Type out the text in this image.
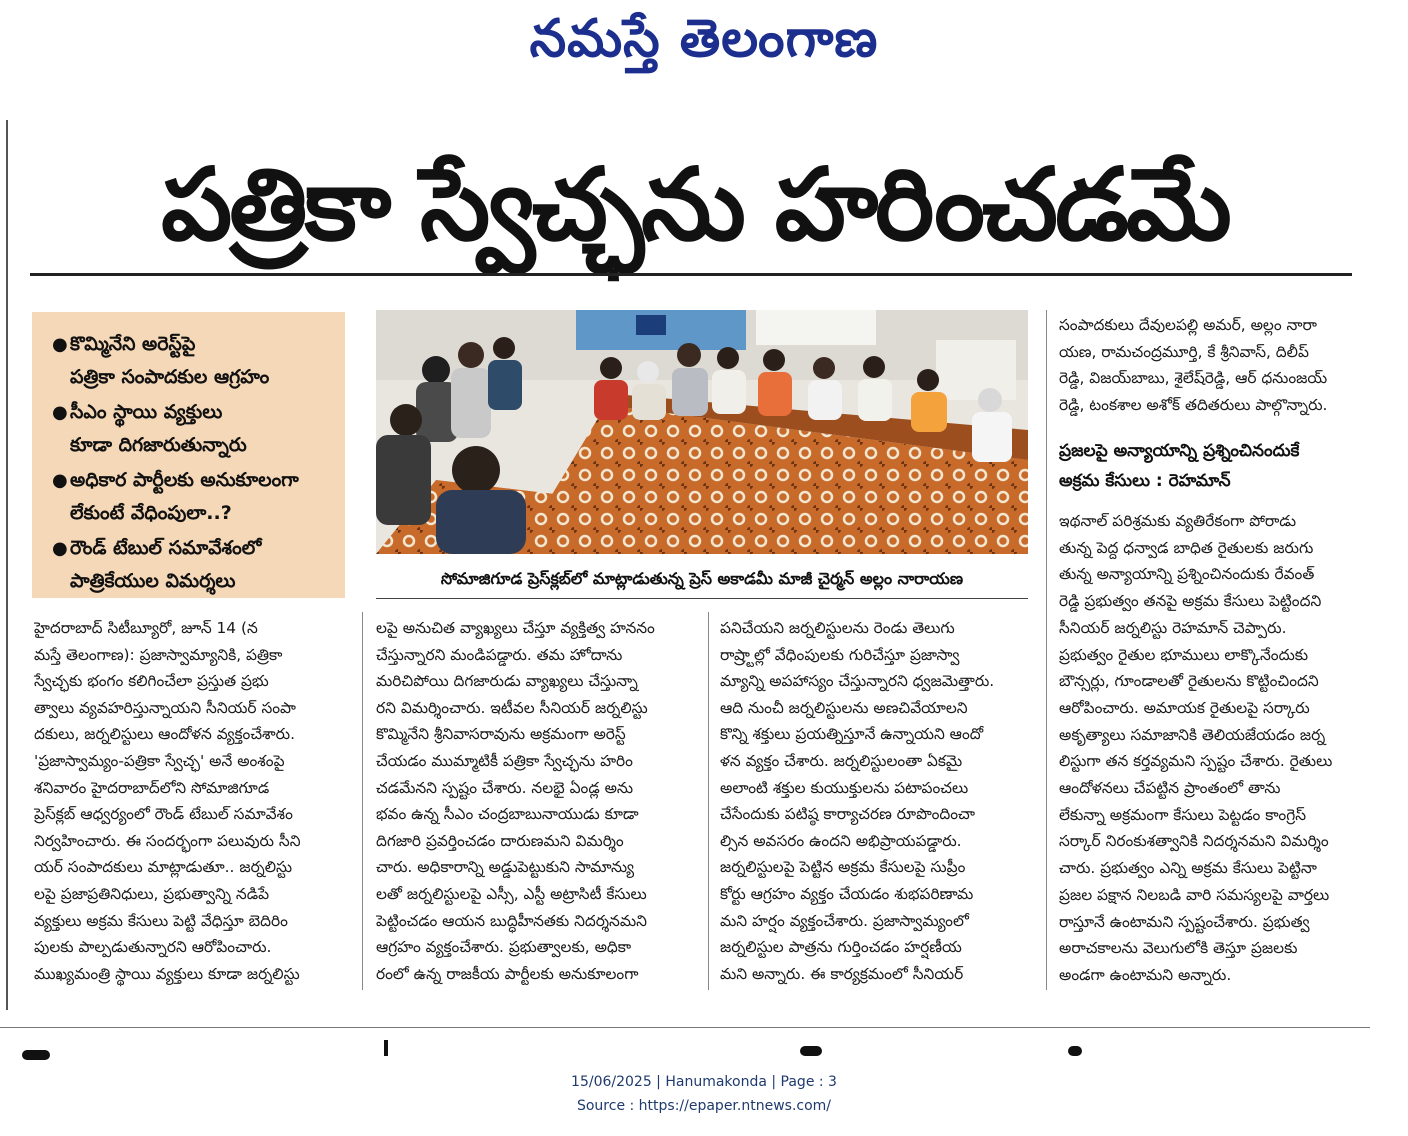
నమస్తే తెలంగాణ
పత్రికా స్వేచ్ఛను హరించడమే
● కొమ్మినేని అరెస్ట్‌పై
పత్రికా సంపాదకుల ఆగ్రహం
● సీఎం స్థాయి వ్యక్తులు
కూడా దిగజారుతున్నారు
● అధికార పార్టీలకు అనుకూలంగా
లేకుంటే వేధింపులా..?
● రౌండ్ టేబుల్ సమావేశంలో
పాత్రికేయుల విమర్శలు	సోమాజిగూడ ప్రెస్‌క్లబ్‌లో మాట్లాడుతున్న ప్రెస్ అకాడమీ మాజీ చైర్మన్ అల్లం నారాయణ
సంపాదకులు దేవులపల్లి అమర్, అల్లం నారా
యణ, రామచంద్రమూర్తి, కే శ్రీనివాస్, దిలీప్
రెడ్డి, విజయ్‌బాబు, శైలేష్‌రెడ్డి, ఆర్ ధనుంజయ్
రెడ్డి, టంకశాల అశోక్ తదితరులు పాల్గొన్నారు.
ప్రజలపై అన్యాయాన్ని ప్రశ్నించినందుకే
అక్రమ కేసులు : రెహమాన్
హైదరాబాద్ సిటీబ్యూరో, జూన్ 14 (న
మస్తే తెలంగాణ): ప్రజాస్వామ్యానికి, పత్రికా
స్వేచ్ఛకు భంగం కలిగించేలా ప్రస్తుత ప్రభు
త్వాలు వ్యవహరిస్తున్నాయని సీనియర్ సంపా
దకులు, జర్నలిస్టులు ఆందోళన వ్యక్తంచేశారు.
'ప్రజాస్వామ్యం-పత్రికా స్వేచ్ఛ' అనే అంశంపై
శనివారం హైదరాబాద్‌లోని సోమాజిగూడ
ప్రెస్‌క్లబ్ ఆధ్వర్యంలో రౌండ్ టేబుల్ సమావేశం
నిర్వహించారు. ఈ సందర్భంగా పలువురు సీని
యర్ సంపాదకులు మాట్లాడుతూ.. జర్నలిస్టు
లపై ప్రజాప్రతినిధులు, ప్రభుత్వాన్ని నడిపే
వ్యక్తులు అక్రమ కేసులు పెట్టి వేధిస్తూ బెదిరిం
పులకు పాల్పడుతున్నారని ఆరోపించారు.
ముఖ్యమంత్రి స్థాయి వ్యక్తులు కూడా జర్నలిస్టు
లపై అనుచిత వ్యాఖ్యలు చేస్తూ వ్యక్తిత్వ హననం
చేస్తున్నారని మండిపడ్డారు. తమ హోదాను
మరిచిపోయి దిగజారుడు వ్యాఖ్యలు చేస్తున్నా
రని విమర్శించారు. ఇటీవల సీనియర్ జర్నలిస్టు
కొమ్మినేని శ్రీనివాసరావును అక్రమంగా అరెస్ట్
చేయడం ముమ్మాటికీ పత్రికా స్వేచ్ఛను హరిం
చడమేనని స్పష్టం చేశారు. నలభై ఏండ్ల అను
భవం ఉన్న సీఎం చంద్రబాబునాయుడు కూడా
దిగజారి ప్రవర్తించడం దారుణమని విమర్శిం
చారు. అధికారాన్ని అడ్డుపెట్టుకుని సామాన్యు
లతో జర్నలిస్టులపై ఎస్సీ, ఎస్టీ అట్రాసిటీ కేసులు
పెట్టించడం ఆయన బుద్ధిహీనతకు నిదర్శనమని
ఆగ్రహం వ్యక్తంచేశారు. ప్రభుత్వాలకు, అధికా
రంలో ఉన్న రాజకీయ పార్టీలకు అనుకూలంగా
పనిచేయని జర్నలిస్టులను రెండు తెలుగు
రాష్ర్టాల్లో వేధింపులకు గురిచేస్తూ ప్రజాస్వా
మ్యాన్ని అపహాస్యం చేస్తున్నారని ధ్వజమెత్తారు.
ఆది నుంచీ జర్నలిస్టులను అణచివేయాలని
కొన్ని శక్తులు ప్రయత్నిస్తూనే ఉన్నాయని ఆందో
ళన వ్యక్తం చేశారు. జర్నలిస్టులంతా ఏకమై
అలాంటి శక్తుల కుయుక్తులను పటాపంచలు
చేసేందుకు పటిష్ఠ కార్యాచరణ రూపొందించా
ల్సిన అవసరం ఉందని అభిప్రాయపడ్డారు.
జర్నలిస్టులపై పెట్టిన అక్రమ కేసులపై సుప్రీం
కోర్టు ఆగ్రహం వ్యక్తం చేయడం శుభపరిణామ
మని హర్షం వ్యక్తంచేశారు. ప్రజాస్వామ్యంలో
జర్నలిస్టుల పాత్రను గుర్తించడం హర్షణీయ
మని అన్నారు. ఈ కార్యక్రమంలో సీనియర్
ఇథనాల్ పరిశ్రమకు వ్యతిరేకంగా పోరాడు
తున్న పెద్ద ధన్వాడ బాధిత రైతులకు జరుగు
తున్న అన్యాయాన్ని ప్రశ్నించినందుకు రేవంత్
రెడ్డి ప్రభుత్వం తనపై అక్రమ కేసులు పెట్టిందని
సీనియర్ జర్నలిస్టు రెహమాన్ చెప్పారు.
ప్రభుత్వం రైతుల భూములు లాక్కొనేందుకు
బౌన్సర్లు, గూండాలతో రైతులను కొట్టించిందని
ఆరోపించారు. అమాయక రైతులపై సర్కారు
అకృత్యాలు సమాజానికి తెలియజేయడం జర్న
లిస్టుగా తన కర్తవ్యమని స్పష్టం చేశారు. రైతులు
ఆందోళనలు చేపట్టిన ప్రాంతంలో తాను
లేకున్నా అక్రమంగా కేసులు పెట్టడం కాంగ్రెస్
సర్కార్ నిరంకుశత్వానికి నిదర్శనమని విమర్శిం
చారు. ప్రభుత్వం ఎన్ని అక్రమ కేసులు పెట్టినా
ప్రజల పక్షాన నిలబడి వారి సమస్యలపై వార్తలు
రాస్తూనే ఉంటామని స్పష్టంచేశారు. ప్రభుత్వ
అరాచకాలను వెలుగులోకి తెస్తూ ప్రజలకు
అండగా ఉంటామని అన్నారు.
15/06/2025 | Hanumakonda | Page : 3
Source : https://epaper.ntnews.com/
